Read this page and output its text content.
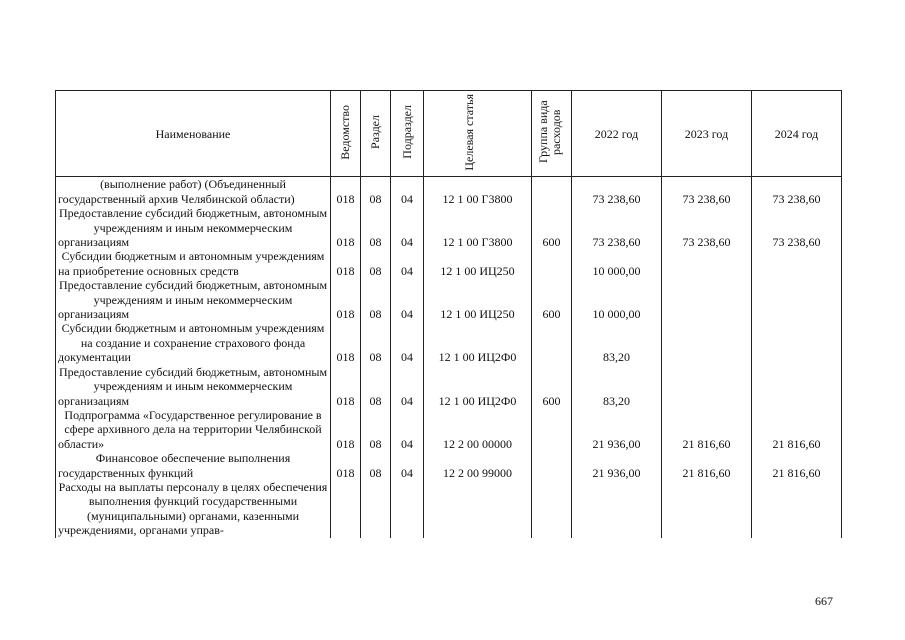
Наименование	Ведомство	Раздел	Подраздел	Целевая статья	Группа вида расходов	2022 год	2023 год	2024 год
(выполнение работ) (Объединенный государственный архив Челябинской области)	018	08	04	12 1 00 Г3800		73 238,60	73 238,60	73 238,60
Предоставление субсидий бюджетным, автономным учреждениям и иным некоммерческим организациям	018	08	04	12 1 00 Г3800	600	73 238,60	73 238,60	73 238,60
Субсидии бюджетным и автономным учреждениям на приобретение основных средств	018	08	04	12 1 00 ИЦ250		10 000,00		
Предоставление субсидий бюджетным, автономным учреждениям и иным некоммерческим организациям	018	08	04	12 1 00 ИЦ250	600	10 000,00		
Субсидии бюджетным и автономным учреждениям на создание и сохранение страхового фонда документации	018	08	04	12 1 00 ИЦ2Ф0		83,20		
Предоставление субсидий бюджетным, автономным учреждениям и иным некоммерческим организациям	018	08	04	12 1 00 ИЦ2Ф0	600	83,20		
Подпрограмма «Государственное регулирование в сфере архивного дела на территории Челябинской области»	018	08	04	12 2 00 00000		21 936,00	21 816,60	21 816,60
Финансовое обеспечение выполнения государственных функций	018	08	04	12 2 00 99000		21 936,00	21 816,60	21 816,60
Расходы на выплаты персоналу в целях обеспечения выполнения функций государственными (муниципальными) органами, казенными учреждениями, органами управ-								
667
